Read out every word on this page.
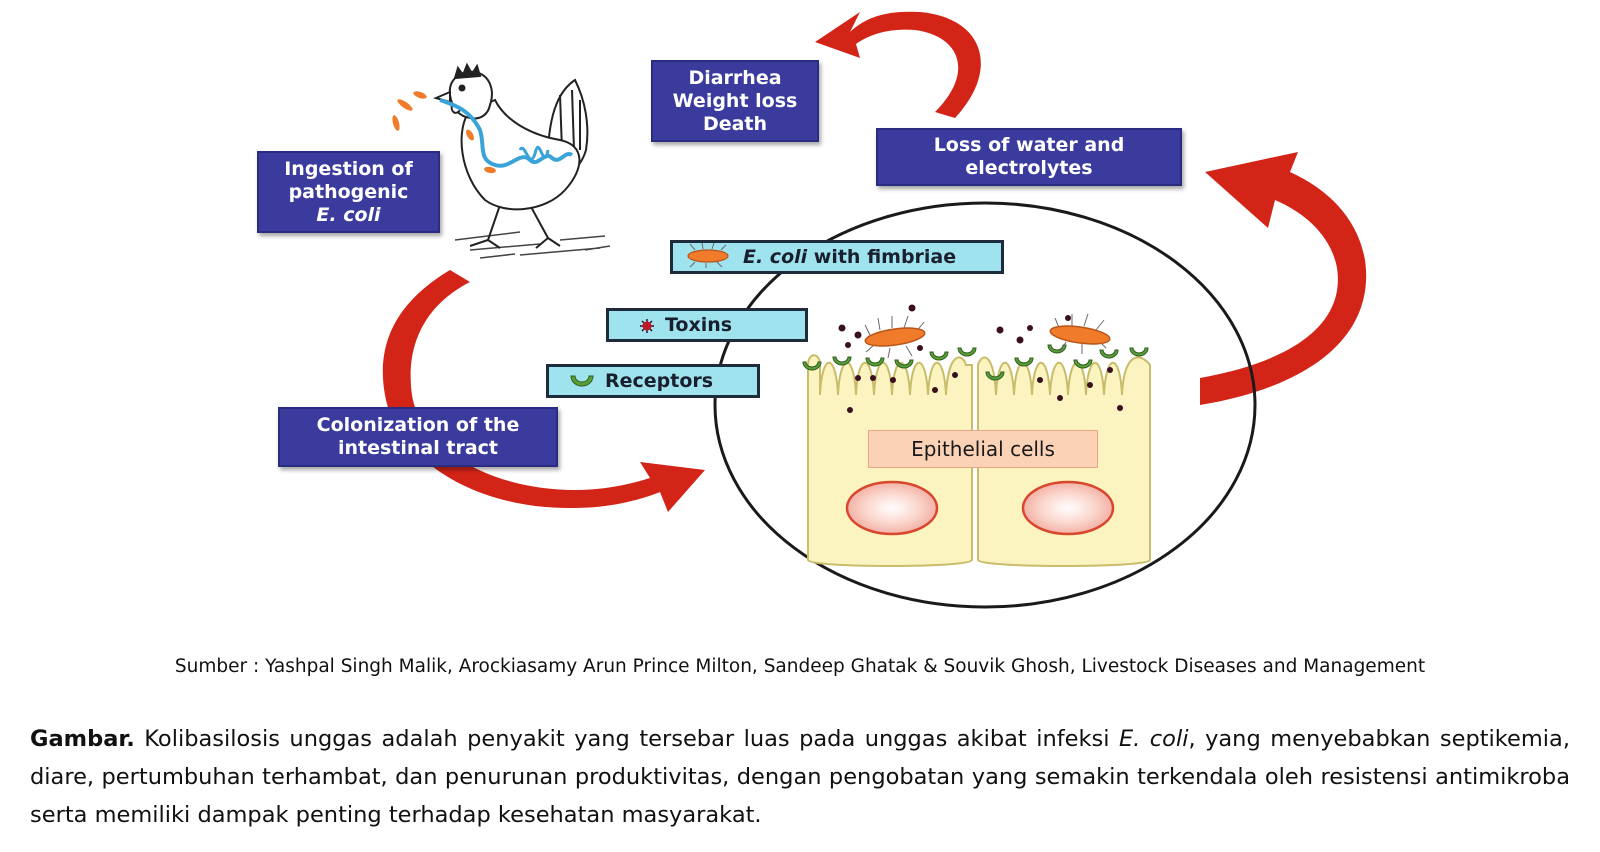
Diarrhea
Weight loss
Death
Loss of water and
electrolytes
Ingestion of
pathogenic
E. coli
Colonization of the
intestinal tract
E. coli with fimbriae
Toxins
Receptors
Epithelial cells
Sumber : Yashpal Singh Malik, Arockiasamy Arun Prince Milton, Sandeep Ghatak & Souvik Ghosh, Livestock Diseases and Management
Gambar. Kolibasilosis unggas adalah penyakit yang tersebar luas pada unggas akibat infeksi E. coli, yang menyebabkan septikemia, diare, pertumbuhan terhambat, dan penurunan produktivitas, dengan pengobatan yang semakin terkendala oleh resistensi antimikroba serta memiliki dampak penting terhadap kesehatan masyarakat.
